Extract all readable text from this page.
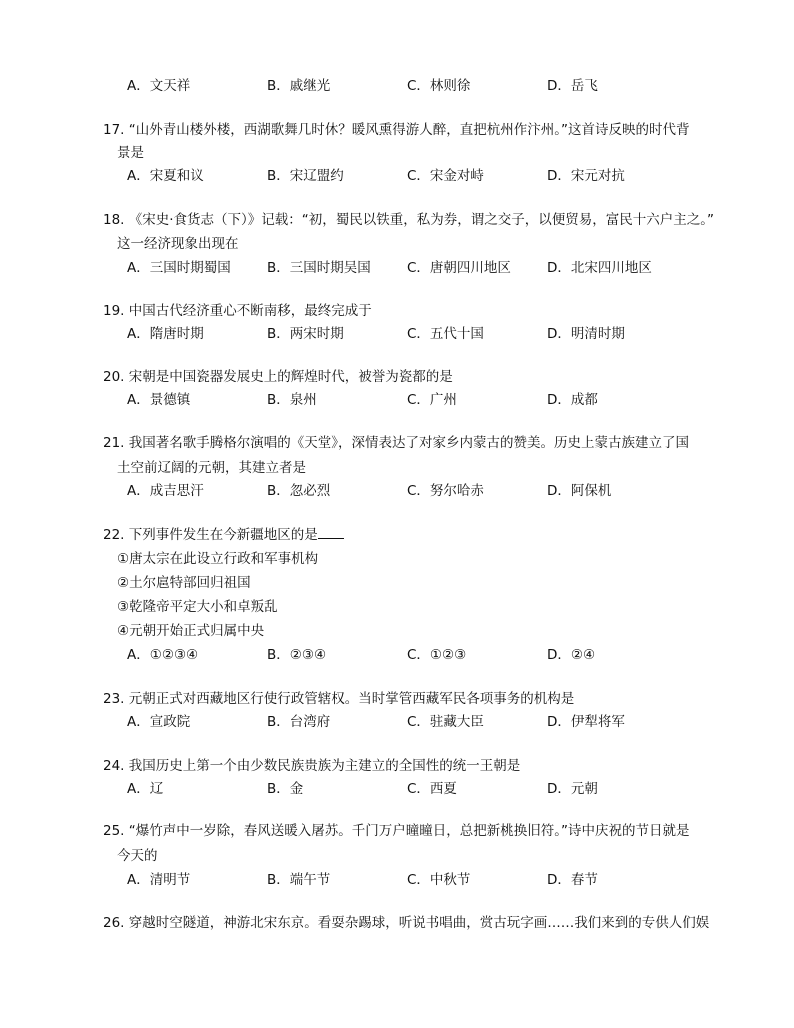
A．文天祥	B．戚继光	C．林则徐	D．岳飞
17. “山外青山楼外楼，西湖歌舞几时休？暖风熏得游人醉，直把杭州作汴州。”这首诗反映的时代背
景是
A．宋夏和议	B．宋辽盟约	C．宋金对峙	D．宋元对抗
18. 《宋史·食货志（下）》记载：“初，蜀民以铁重，私为券，谓之交子，以便贸易，富民十六户主之。”
这一经济现象出现在
A．三国时期蜀国	B．三国时期吴国	C．唐朝四川地区	D．北宋四川地区
19. 中国古代经济重心不断南移，最终完成于
A．隋唐时期	B．两宋时期	C．五代十国	D．明清时期
20. 宋朝是中国瓷器发展史上的辉煌时代，被誉为瓷都的是
A．景德镇	B．泉州	C．广州	D．成都
21. 我国著名歌手腾格尔演唱的《天堂》，深情表达了对家乡内蒙古的赞美。历史上蒙古族建立了国
土空前辽阔的元朝，其建立者是
A．成吉思汗	B．忽必烈	C．努尔哈赤	D．阿保机
22. 下列事件发生在今新疆地区的是
①唐太宗在此设立行政和军事机构
②土尔扈特部回归祖国
③乾隆帝平定大小和卓叛乱
④元朝开始正式归属中央
A．①②③④	B．②③④	C．①②③	D．②④
23. 元朝正式对西藏地区行使行政管辖权。当时掌管西藏军民各项事务的机构是
A．宣政院	B．台湾府	C．驻藏大臣	D．伊犁将军
24. 我国历史上第一个由少数民族贵族为主建立的全国性的统一王朝是
A．辽	B．金	C．西夏	D．元朝
25. “爆竹声中一岁除，春风送暖入屠苏。千门万户曈曈日，总把新桃换旧符。”诗中庆祝的节日就是
今天的
A．清明节	B．端午节	C．中秋节	D．春节
26. 穿越时空隧道，神游北宋东京。看耍杂踢球，听说书唱曲，赏古玩字画……我们来到的专供人们娱
